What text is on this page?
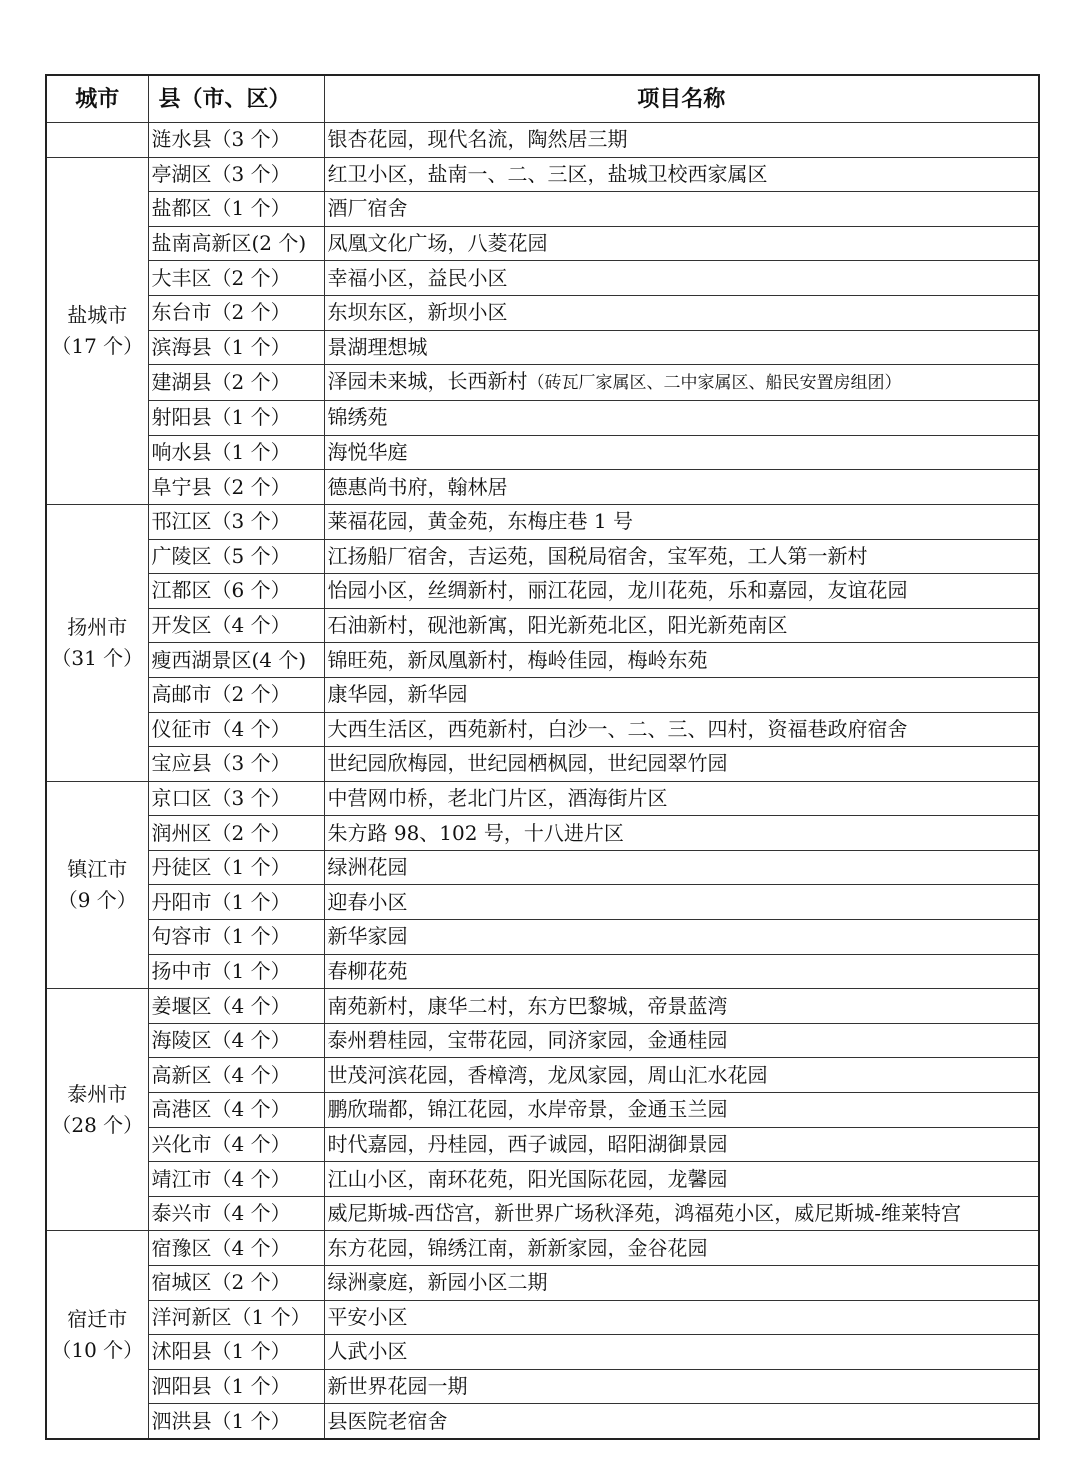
城市	县（市、区）	项目名称

	涟水县（3 个）	银杏花园，现代名流，陶然居三期

盐城市
（17 个）	亭湖区（3 个）	红卫小区，盐南一、二、三区，盐城卫校西家属区
	盐都区（1 个）	酒厂宿舍
	盐南高新区(2 个)	凤凰文化广场，八菱花园
	大丰区（2 个）	幸福小区，益民小区
	东台市（2 个）	东坝东区，新坝小区
	滨海县（1 个）	景湖理想城
	建湖县（2 个）	泽园未来城，长西新村（砖瓦厂家属区、二中家属区、船民安置房组团）
	射阳县（1 个）	锦绣苑
	响水县（1 个）	海悦华庭
	阜宁县（2 个）	德惠尚书府，翰林居

扬州市
（31 个）	邗江区（3 个）	莱福花园，黄金苑，东梅庄巷 1 号
	广陵区（5 个）	江扬船厂宿舍，吉运苑，国税局宿舍，宝军苑，工人第一新村
	江都区（6 个）	怡园小区，丝绸新村，丽江花园，龙川花苑，乐和嘉园，友谊花园
	开发区（4 个）	石油新村，砚池新寓，阳光新苑北区，阳光新苑南区
	瘦西湖景区(4 个)	锦旺苑，新凤凰新村，梅岭佳园，梅岭东苑
	高邮市（2 个）	康华园，新华园
	仪征市（4 个）	大西生活区，西苑新村，白沙一、二、三、四村，资福巷政府宿舍
	宝应县（3 个）	世纪园欣梅园，世纪园栖枫园，世纪园翠竹园

镇江市
（9 个）	京口区（3 个）	中营网巾桥，老北门片区，酒海街片区
	润州区（2 个）	朱方路 98、102 号，十八进片区
	丹徒区（1 个）	绿洲花园
	丹阳市（1 个）	迎春小区
	句容市（1 个）	新华家园
	扬中市（1 个）	春柳花苑

泰州市
（28 个）	姜堰区（4 个）	南苑新村，康华二村，东方巴黎城，帝景蓝湾
	海陵区（4 个）	泰州碧桂园，宝带花园，同济家园，金通桂园
	高新区（4 个）	世茂河滨花园，香樟湾，龙凤家园，周山汇水花园
	高港区（4 个）	鹏欣瑞都，锦江花园，水岸帝景，金通玉兰园
	兴化市（4 个）	时代嘉园，丹桂园，西子诚园，昭阳湖御景园
	靖江市（4 个）	江山小区，南环花苑，阳光国际花园，龙馨园
	泰兴市（4 个）	威尼斯城-西岱宫，新世界广场秋泽苑，鸿福苑小区，威尼斯城-维莱特宫

宿迁市
（10 个）	宿豫区（4 个）	东方花园，锦绣江南，新新家园，金谷花园
	宿城区（2 个）	绿洲豪庭，新园小区二期
	洋河新区（1 个）	平安小区
	沭阳县（1 个）	人武小区
	泗阳县（1 个）	新世界花园一期
	泗洪县（1 个）	县医院老宿舍
